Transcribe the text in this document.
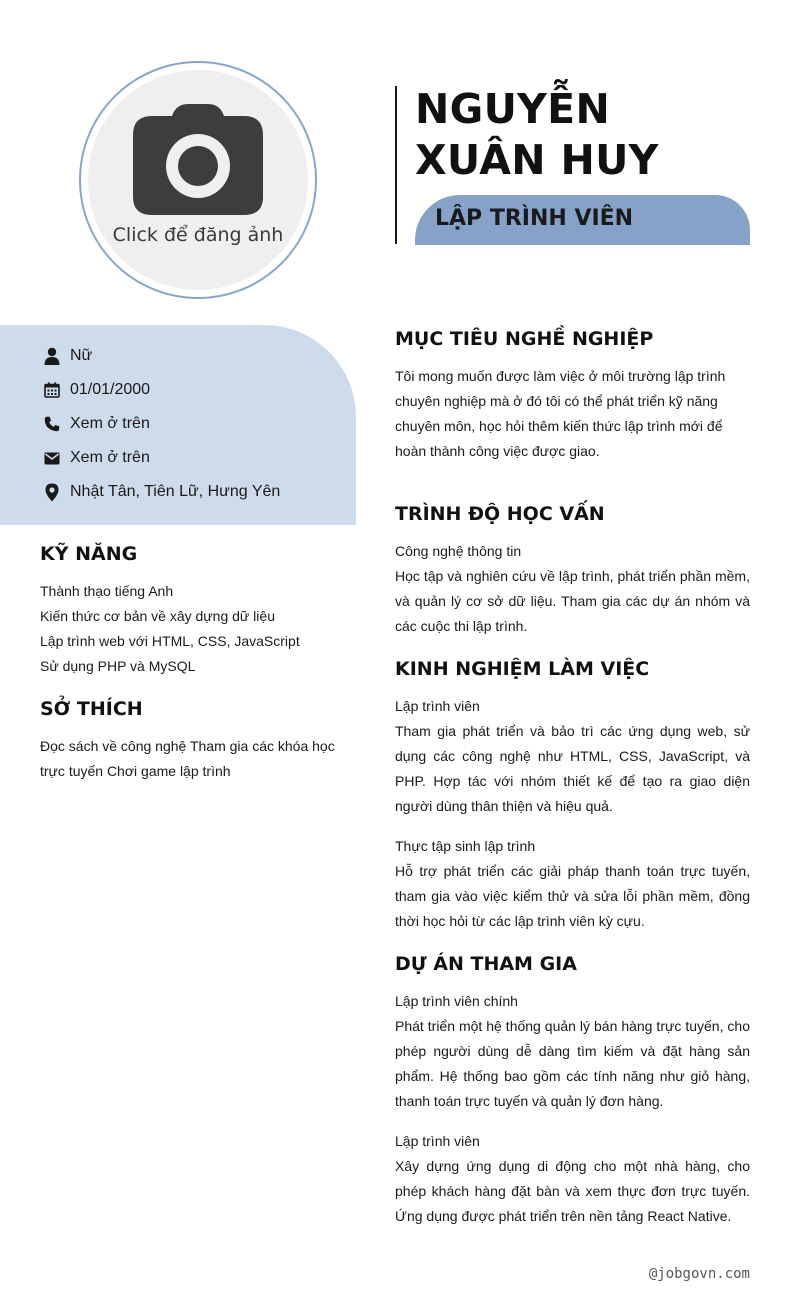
Click để đăng ảnh
NGUYỄN XUÂN HUY
LẬP TRÌNH VIÊN
Nữ
01/01/2000
Xem ở trên
Xem ở trên
Nhật Tân, Tiên Lữ, Hưng Yên
KỸ NĂNG
Thành thạo tiếng Anh
Kiến thức cơ bản về xây dựng dữ liệu
Lập trình web với HTML, CSS, JavaScript
Sử dụng PHP và MySQL
SỞ THÍCH
Đọc sách về công nghệ Tham gia các khóa học trực tuyến Chơi game lập trình
MỤC TIÊU NGHỀ NGHIỆP
Tôi mong muốn được làm việc ở môi trường lập trình chuyên nghiệp mà ở đó tôi có thể phát triển kỹ năng chuyên môn, học hỏi thêm kiến thức lập trình mới để hoàn thành công việc được giao.
TRÌNH ĐỘ HỌC VẤN
Công nghệ thông tin
Học tập và nghiên cứu về lập trình, phát triển phần mềm, và quản lý cơ sở dữ liệu. Tham gia các dự án nhóm và các cuộc thi lập trình.
KINH NGHIỆM LÀM VIỆC
Lập trình viên
Tham gia phát triển và bảo trì các ứng dụng web, sử dụng các công nghệ như HTML, CSS, JavaScript, và PHP. Hợp tác với nhóm thiết kế để tạo ra giao diện người dùng thân thiện và hiệu quả.
Thực tập sinh lập trình
Hỗ trợ phát triển các giải pháp thanh toán trực tuyến, tham gia vào việc kiểm thử và sửa lỗi phần mềm, đồng thời học hỏi từ các lập trình viên kỳ cựu.
DỰ ÁN THAM GIA
Lập trình viên chính
Phát triển một hệ thống quản lý bán hàng trực tuyến, cho phép người dùng dễ dàng tìm kiếm và đặt hàng sản phẩm. Hệ thống bao gồm các tính năng như giỏ hàng, thanh toán trực tuyến và quản lý đơn hàng.
Lập trình viên
Xây dựng ứng dụng di động cho một nhà hàng, cho phép khách hàng đặt bàn và xem thực đơn trực tuyến. Ứng dụng được phát triển trên nền tảng React Native.
@jobgovn.com
